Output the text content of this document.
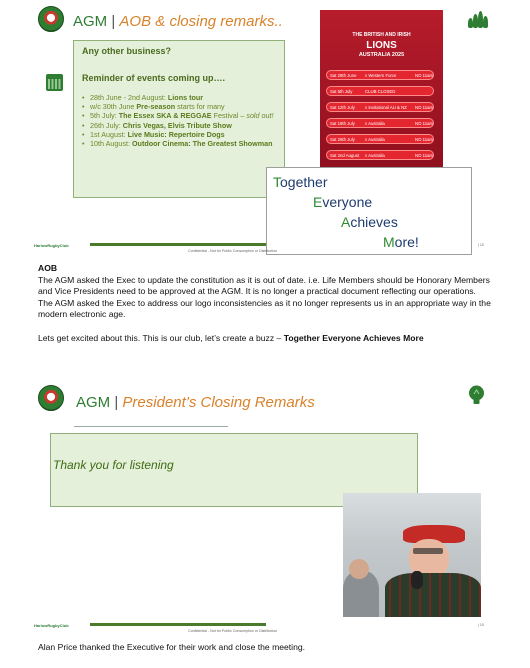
AGM | AOB & closing remarks..
Any other business?
Reminder of events coming up….
• 28th June - 2nd August: Lions tour
• w/c 30th June Pre-season starts for many
• 5th July: The Essex SKA & REGGAE Festival – sold out!
• 26th July: Chris Vegas, Elvis Tribute Show
• 1st August: Live Music: Repertoire Dogs
• 10th August: Outdoor Cinema: The Greatest Showman
THE BRITISH AND IRISH
LIONS
AUSTRALIA 2025
Sat 28th June v Western Force	NO 11am
Sat 5th July	CLUB CLOSED
Sat 12th July v Invitational AU & NZ NO 11am
Sat 19th July v Australia	NO 11am
Sat 26th July v Australia	NO 11am
Sat 2nd August v Australia	NO 11am
Together
Everyone
Achieves
More!
HarlowRugbyClub
Confidential - Not for Public Consumption or Distribution
| 10

AOB

The AGM asked the Exec to update the constitution as it is out of date. i.e. Life Members should be Honorary Members and Vice Presidents need to be approved at the AGM. It is no longer a practical document reflecting our operations.

The AGM asked the Exec to address our logo inconsistencies as it no longer represents us in an appropriate way in the modern electronic age.

Lets get excited about this. This is our club, let’s create a buzz – Together Everyone Achieves More

AGM | President’s Closing Remarks
Thank you for listening
HarlowRugbyClub
Confidential - Not for Public Consumption or Distribution
| 10
Alan Price thanked the Executive for their work and close the meeting.
